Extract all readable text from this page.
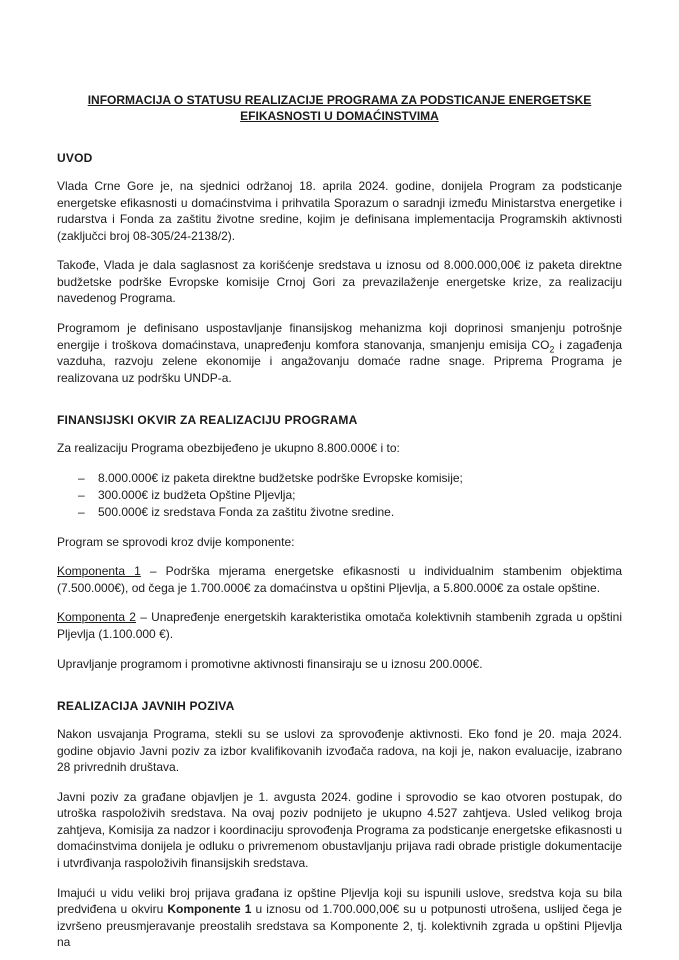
INFORMACIJA O STATUSU REALIZACIJE PROGRAMA ZA PODSTICANJE ENERGETSKE EFIKASNOSTI U DOMAĆINSTVIMA
UVOD

Vlada Crne Gore je, na sjednici održanoj 18. aprila 2024. godine, donijela Program za podsticanje energetske efikasnosti u domaćinstvima i prihvatila Sporazum o saradnji između Ministarstva energetike i rudarstva i Fonda za zaštitu životne sredine, kojim je definisana implementacija Programskih aktivnosti (zaključci broj 08-305/24-2138/2).

Takođe, Vlada je dala saglasnost za korišćenje sredstava u iznosu od 8.000.000,00€ iz paketa direktne budžetske podrške Evropske komisije Crnoj Gori za prevazilaženje energetske krize, za realizaciju navedenog Programa.

Programom je definisano uspostavljanje finansijskog mehanizma koji doprinosi smanjenju potrošnje energije i troškova domaćinstava, unapređenju komfora stanovanja, smanjenju emisija $CO_2$ i zagađenja vazduha, razvoju zelene ekonomije i angažovanju domaće radne snage. Priprema Programa je realizovana uz podršku UNDP-a.

FINANSIJSKI OKVIR ZA REALIZACIJU PROGRAMA

Za realizaciju Programa obezbijeđeno je ukupno 8.800.000€ i to:

–	8.000.000€ iz paketa direktne budžetske podrške Evropske komisije;
–	300.000€ iz budžeta Opštine Pljevlja;
–	500.000€ iz sredstava Fonda za zaštitu životne sredine.

Program se sprovodi kroz dvije komponente:

Komponenta 1 – Podrška mjerama energetske efikasnosti u individualnim stambenim objektima (7.500.000€), od čega je 1.700.000€ za domaćinstva u opštini Pljevlja, a 5.800.000€ za ostale opštine.

Komponenta 2 – Unapređenje energetskih karakteristika omotača kolektivnih stambenih zgrada u opštini Pljevlja (1.100.000 €).

Upravljanje programom i promotivne aktivnosti finansiraju se u iznosu 200.000€.

REALIZACIJA JAVNIH POZIVA

Nakon usvajanja Programa, stekli su se uslovi za sprovođenje aktivnosti. Eko fond je 20. maja 2024. godine objavio Javni poziv za izbor kvalifikovanih izvođača radova, na koji je, nakon evaluacije, izabrano 28 privrednih društava.

Javni poziv za građane objavljen je 1. avgusta 2024. godine i sprovodio se kao otvoren postupak, do utroška raspoloživih sredstava. Na ovaj poziv podnijeto je ukupno 4.527 zahtjeva. Usled velikog broja zahtjeva, Komisija za nadzor i koordinaciju sprovođenja Programa za podsticanje energetske efikasnosti u domaćinstvima donijela je odluku o privremenom obustavljanju prijava radi obrade pristigle dokumentacije i utvrđivanja raspoloživih finansijskih sredstava.

Imajući u vidu veliki broj prijava građana iz opštine Pljevlja koji su ispunili uslove, sredstva koja su bila predviđena u okviru Komponente 1 u iznosu od 1.700.000,00€ su u potpunosti utrošena, uslijed čega je izvršeno preusmjeravanje preostalih sredstava sa Komponente 2, tj. kolektivnih zgrada u opštini Pljevlja na
